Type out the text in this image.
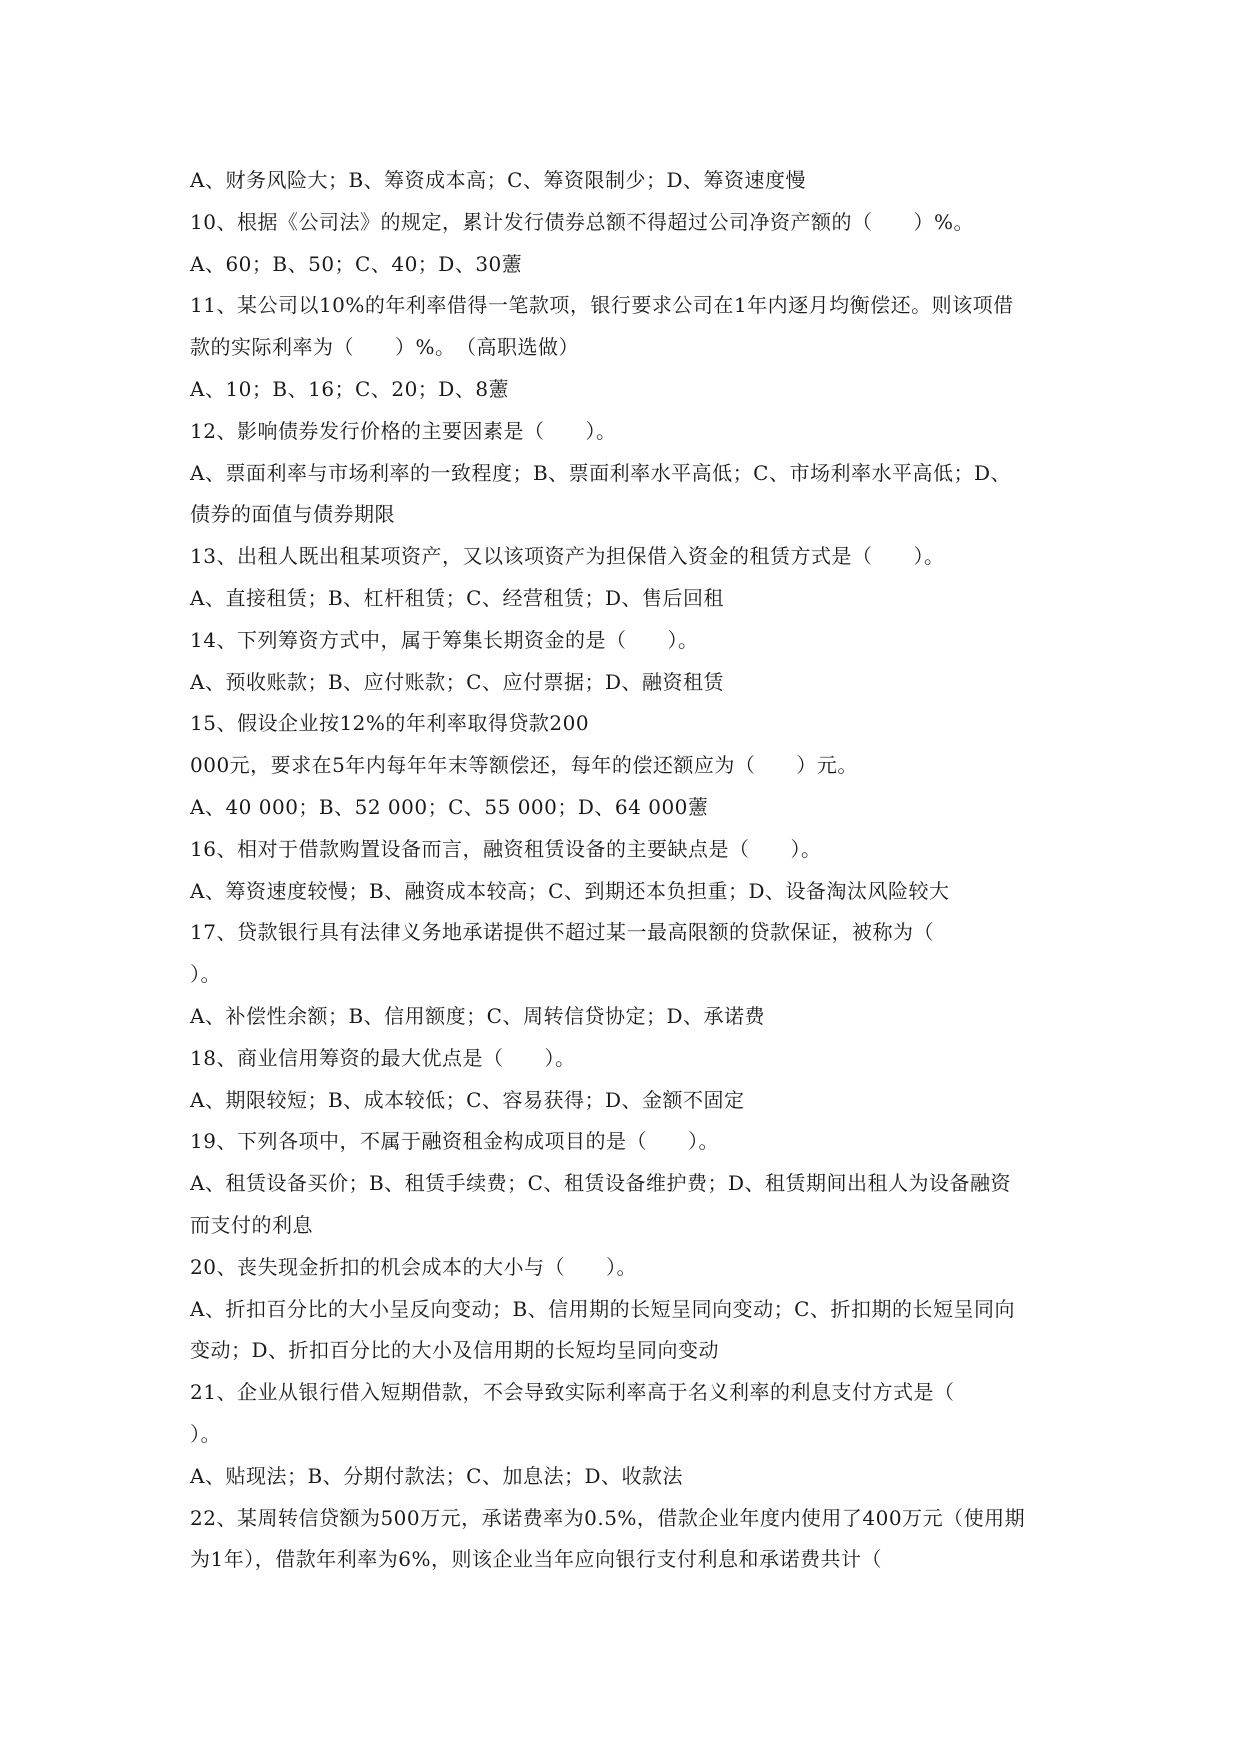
A、财务风险大；B、筹资成本高；C、筹资限制少；D、筹资速度慢
10、根据《公司法》的规定，累计发行债券总额不得超过公司净资产额的（　　）%。
A、60；B、50；C、40；D、30藼
11、某公司以10%的年利率借得一笔款项，银行要求公司在1年内逐月均衡偿还。则该项借
款的实际利率为（　　）%。　（高职选做）
A、10；B、16；C、20；D、8藼
12、影响债券发行价格的主要因素是（　　）。
A、票面利率与市场利率的一致程度；B、票面利率水平高低；C、市场利率水平高低；D、
债券的面值与债券期限
13、出租人既出租某项资产，又以该项资产为担保借入资金的租赁方式是（　　）。
A、直接租赁；B、杠杆租赁；C、经营租赁；D、售后回租
14、下列筹资方式中，属于筹集长期资金的是（　　）。
A、预收账款；B、应付账款；C、应付票据；D、融资租赁
15、假设企业按12%的年利率取得贷款200
000元，要求在5年内每年年末等额偿还，每年的偿还额应为（　　）元。
A、40 000；B、52 000；C、55 000；D、64 000藼
16、相对于借款购置设备而言，融资租赁设备的主要缺点是（　　）。
A、筹资速度较慢；B、融资成本较高；C、到期还本负担重；D、设备淘汰风险较大
17、贷款银行具有法律义务地承诺提供不超过某一最高限额的贷款保证，被称为（
）。
A、补偿性余额；B、信用额度；C、周转信贷协定；D、承诺费
18、商业信用筹资的最大优点是（　　）。
A、期限较短；B、成本较低；C、容易获得；D、金额不固定
19、下列各项中，不属于融资租金构成项目的是（　　）。
A、租赁设备买价；B、租赁手续费；C、租赁设备维护费；D、租赁期间出租人为设备融资
而支付的利息
20、丧失现金折扣的机会成本的大小与（　　）。
A、折扣百分比的大小呈反向变动；B、信用期的长短呈同向变动；C、折扣期的长短呈同向
变动；D、折扣百分比的大小及信用期的长短均呈同向变动
21、企业从银行借入短期借款，不会导致实际利率高于名义利率的利息支付方式是（
）。
A、贴现法；B、分期付款法；C、加息法；D、收款法
22、某周转信贷额为500万元，承诺费率为0.5%，借款企业年度内使用了400万元（使用期
为1年），借款年利率为6%，则该企业当年应向银行支付利息和承诺费共计（
